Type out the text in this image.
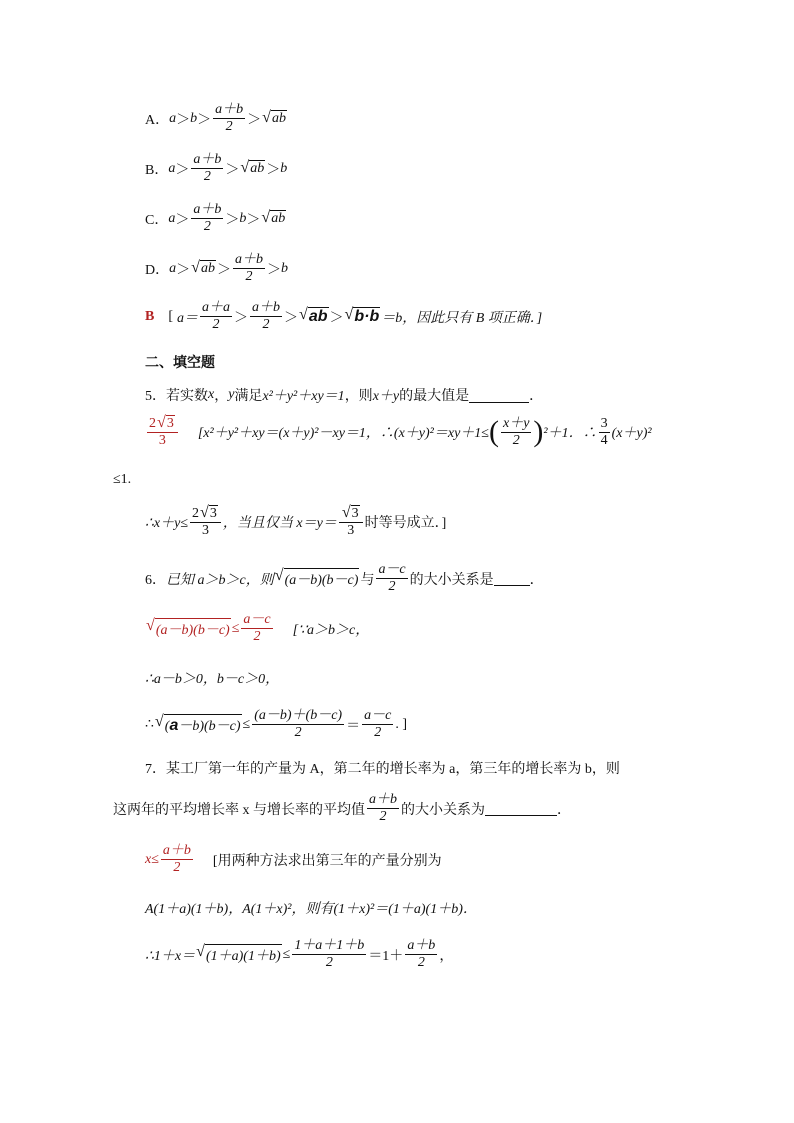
A． $a > b > \frac{a+b}{2}$ ＞ √ ab
B． $a > \frac{a+b}{2}$ ＞ √ ab ＞ b
C． $a > \frac{a+b}{2} > b$ ＞ √ ab
D． a ＞ √ ab ＞ $\frac{a+b}{2} > b$
B [ $a= \frac{a+a}{2} > \frac{a+b}{2}$ ＞ √ ab ＞ √ b·b ＝b，因此只有 B 项正确．]
二、填空题
5． 若实数 x ， y 满足 x²＋y²＋xy＝1 ，则 x＋y 的最大值是	．
$\frac{2 √ 3}{3} [x^2+y^2+xy=(x+y)^2-xy=1$，∴(x＋y)²＝xy＋1≤ ( $\frac{x+y}{2}$ ) ²＋1．∴ $\frac{3}{4} (x+y)^2$
≤1.
∴x＋y≤ $\frac{2 √ 3}{3}$ ，当且仅当 $x=y= \frac{√ 3}{3}$ 时等号成立．]
6． 已知 a＞b＞c，则 √ (a－b)(b－c) 与 $\frac{a-c}{2}$ 的大小关系是	．
√ $(a-b)(b-c) \le \frac{a-c}{2}$ [∵a＞b＞c，
∴a－b＞0，b－c＞0，
∴ √ $(a-b)(b-c) \le \frac{(a-b)+(b-c)}{2} = \frac{a-c}{2}$ . ]
7． 某工厂第一年的产量为 A，第二年的增长率为 a，第三年的增长率为 b，则
这两年的平均增长率 x 与增长率的平均值 $\frac{a+b}{2}$ 的大小关系为	．
$x\le \frac{a+b}{2}$ [用两种方法求出第三年的产量分别为
A(1＋a)(1＋b)，A(1＋x)²，则有(1＋x)²＝(1＋a)(1＋b)．
∴1＋x＝ √ $(1+a)(1+b) \le \frac{1+a+1+b}{2} =1+ \frac{a+b}{2}$ ，
